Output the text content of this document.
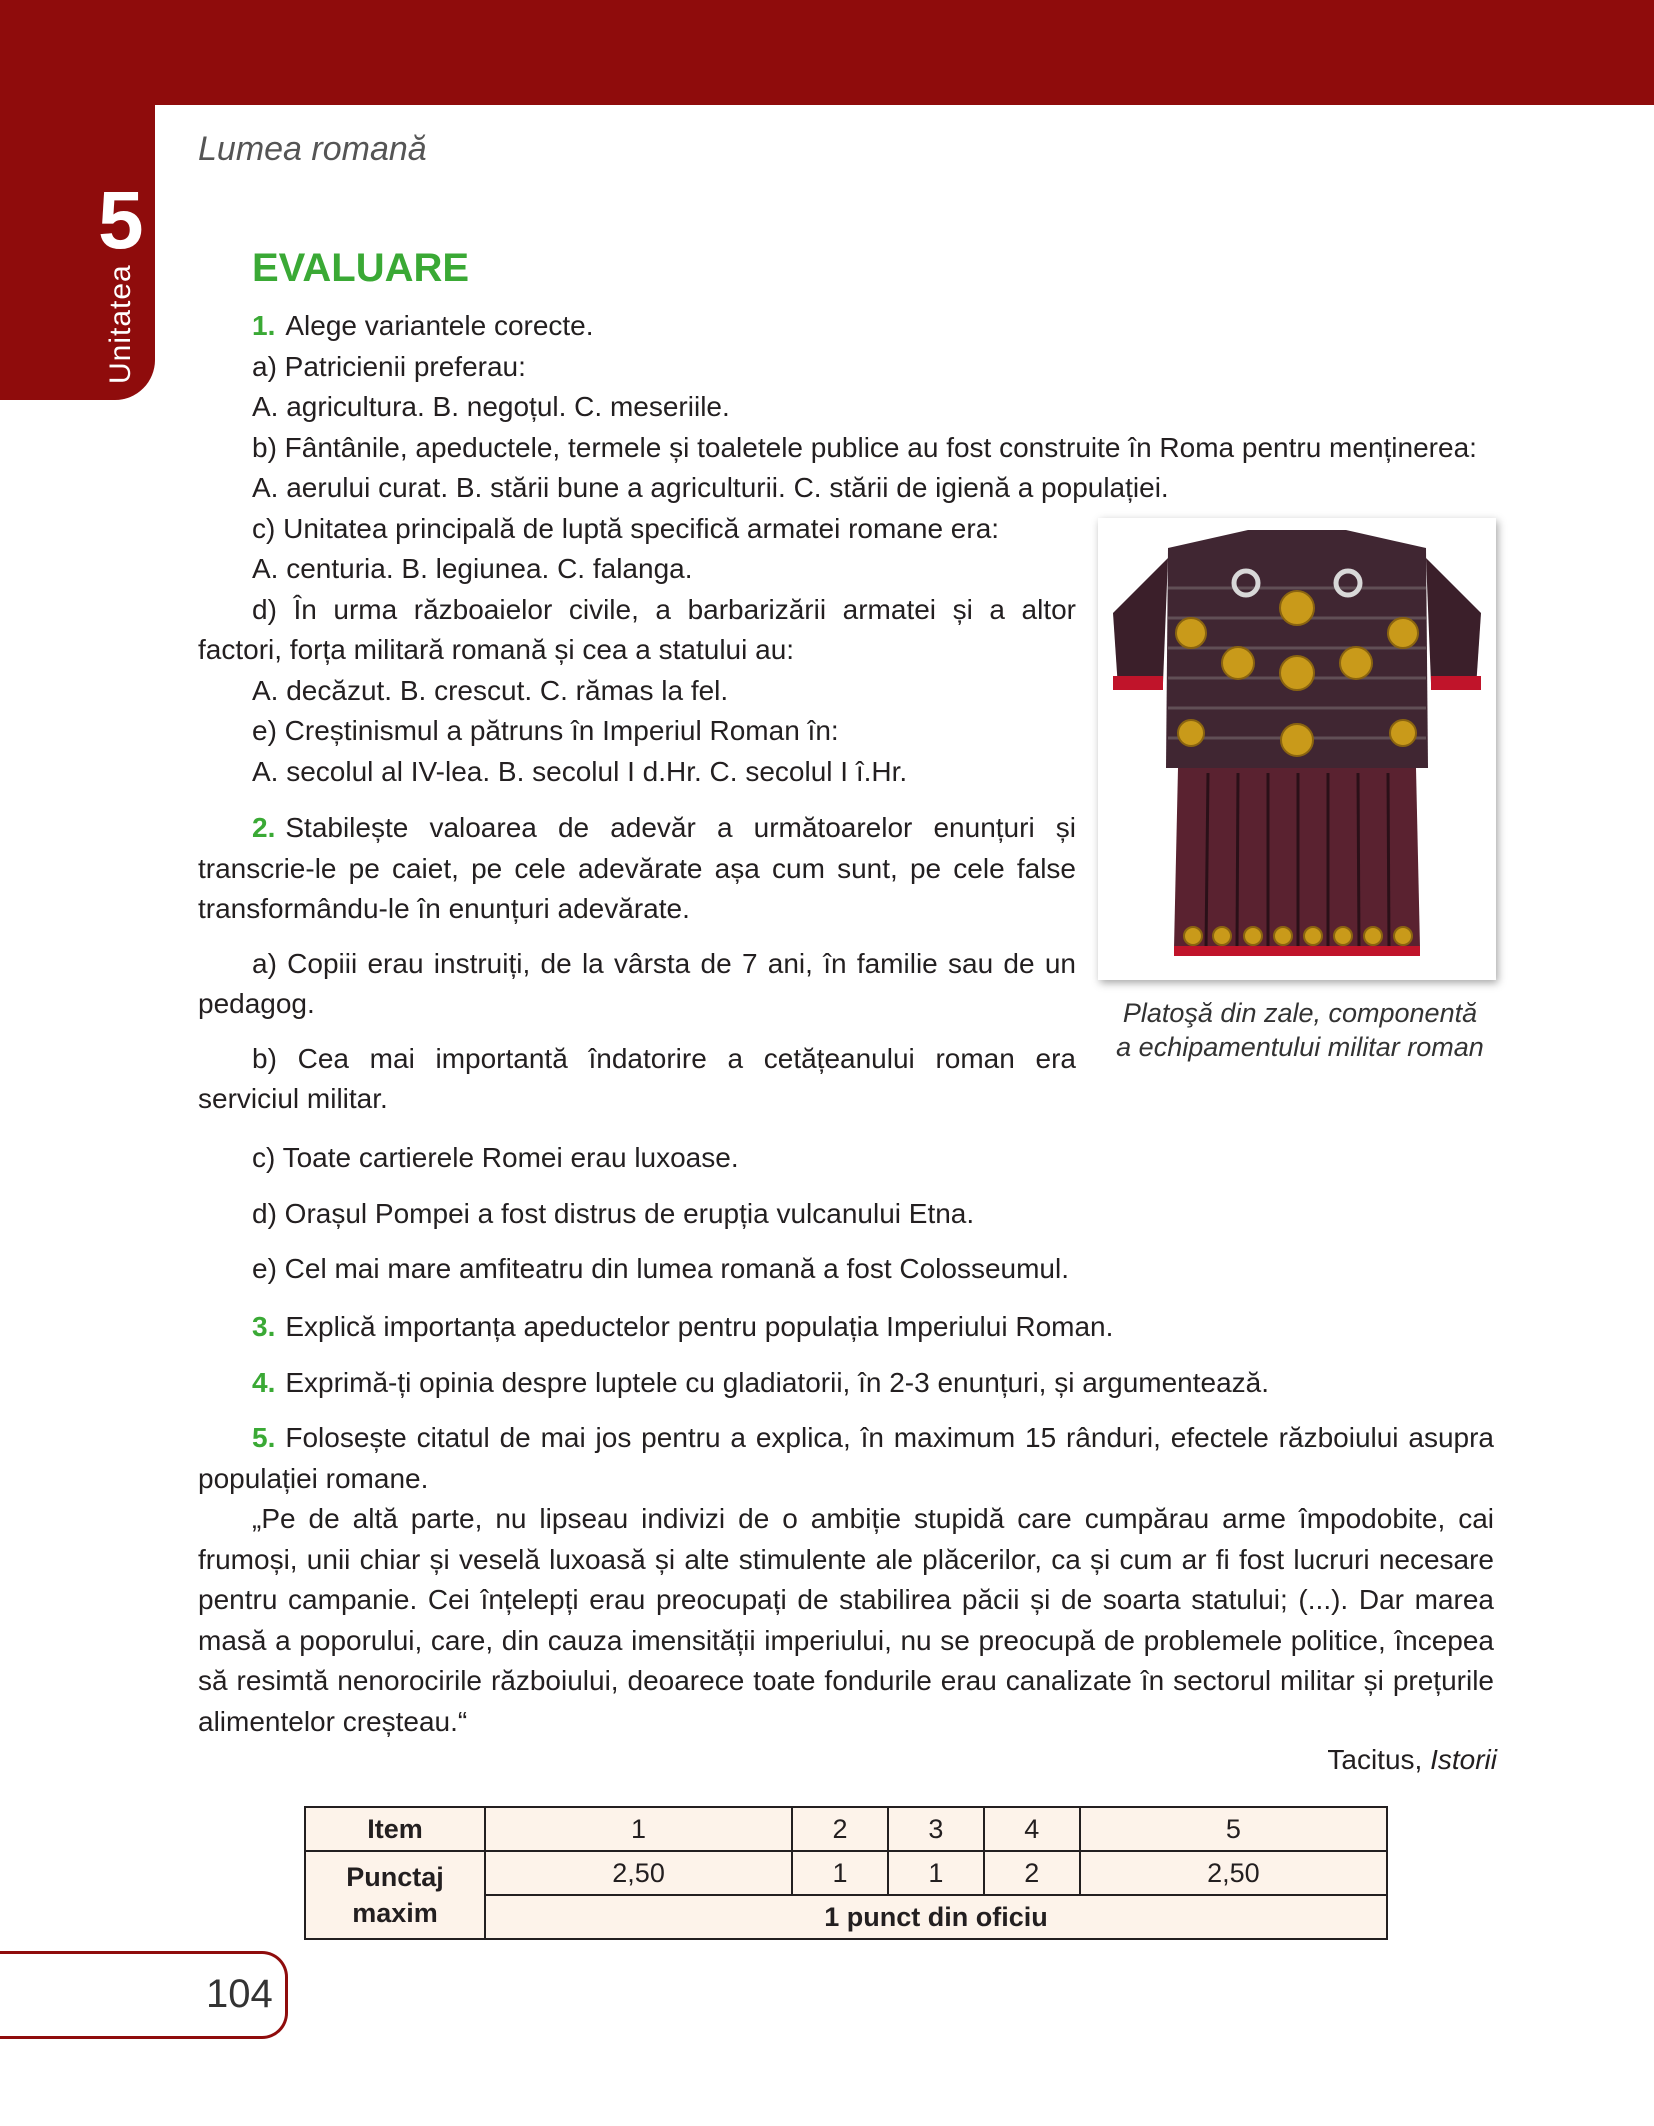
5
Unitatea
Lumea romană
EVALUARE

1. Alege variantele corecte.

a) Patricienii preferau:

A. agricultura. B. negoțul. C. meseriile.

b) Fântânile, apeductele, termele și toaletele publice au fost construite în Roma pentru menținerea:

A. aerului curat. B. stării bune a agriculturii. C. stării de igienă a populației.

c) Unitatea principală de luptă specifică armatei romane era:

A. centuria. B. legiunea. C. falanga.

d) În urma războaielor civile, a barbarizării armatei și a altor factori, forța militară romană și cea a statului au:

A. decăzut. B. crescut. C. rămas la fel.

e) Creștinismul a pătruns în Imperiul Roman în:

A. secolul al IV-lea. B. secolul I d.Hr. C. secolul I î.Hr.

2. Stabilește valoarea de adevăr a următoarelor enunțuri și transcrie-le pe caiet, pe cele adevărate așa cum sunt, pe cele false transformându-le în enunțuri adevărate.

a) Copiii erau instruiți, de la vârsta de 7 ani, în familie sau de un pedagog.

b) Cea mai importantă îndatorire a cetățeanului roman era serviciul militar.

c) Toate cartierele Romei erau luxoase.

d) Orașul Pompei a fost distrus de erupția vulcanului Etna.

e) Cel mai mare amfiteatru din lumea romană a fost Colosseumul.

3. Explică importanța apeductelor pentru populația Imperiului Roman.

4. Exprimă-ți opinia despre luptele cu gladiatorii, în 2-3 enunțuri, și argumentează.

5. Folosește citatul de mai jos pentru a explica, în maximum 15 rânduri, efectele războiului asupra populației romane.

„Pe de altă parte, nu lipseau indivizi de o ambiție stupidă care cumpărau arme împodobite, cai frumoși, unii chiar și veselă luxoasă și alte stimulente ale plăcerilor, ca și cum ar fi fost lucruri necesare pentru campanie. Cei înțelepți erau preocupați de stabilirea păcii și de soarta statului; (...). Dar marea masă a poporului, care, din cauza imensității imperiului, nu se preocupă de problemele politice, începea să resimtă nenorocirile războiului, deoarece toate fondurile erau canalizate în sectorul militar și prețurile alimentelor creșteau.“

Tacitus, Istorii
Platoşă din zale, componentă
a echipamentului militar roman
Item	1	2	3	4	5
Punctaj maxim	2,50	1	1	2	2,50
	1 punct din oficiu				
104
